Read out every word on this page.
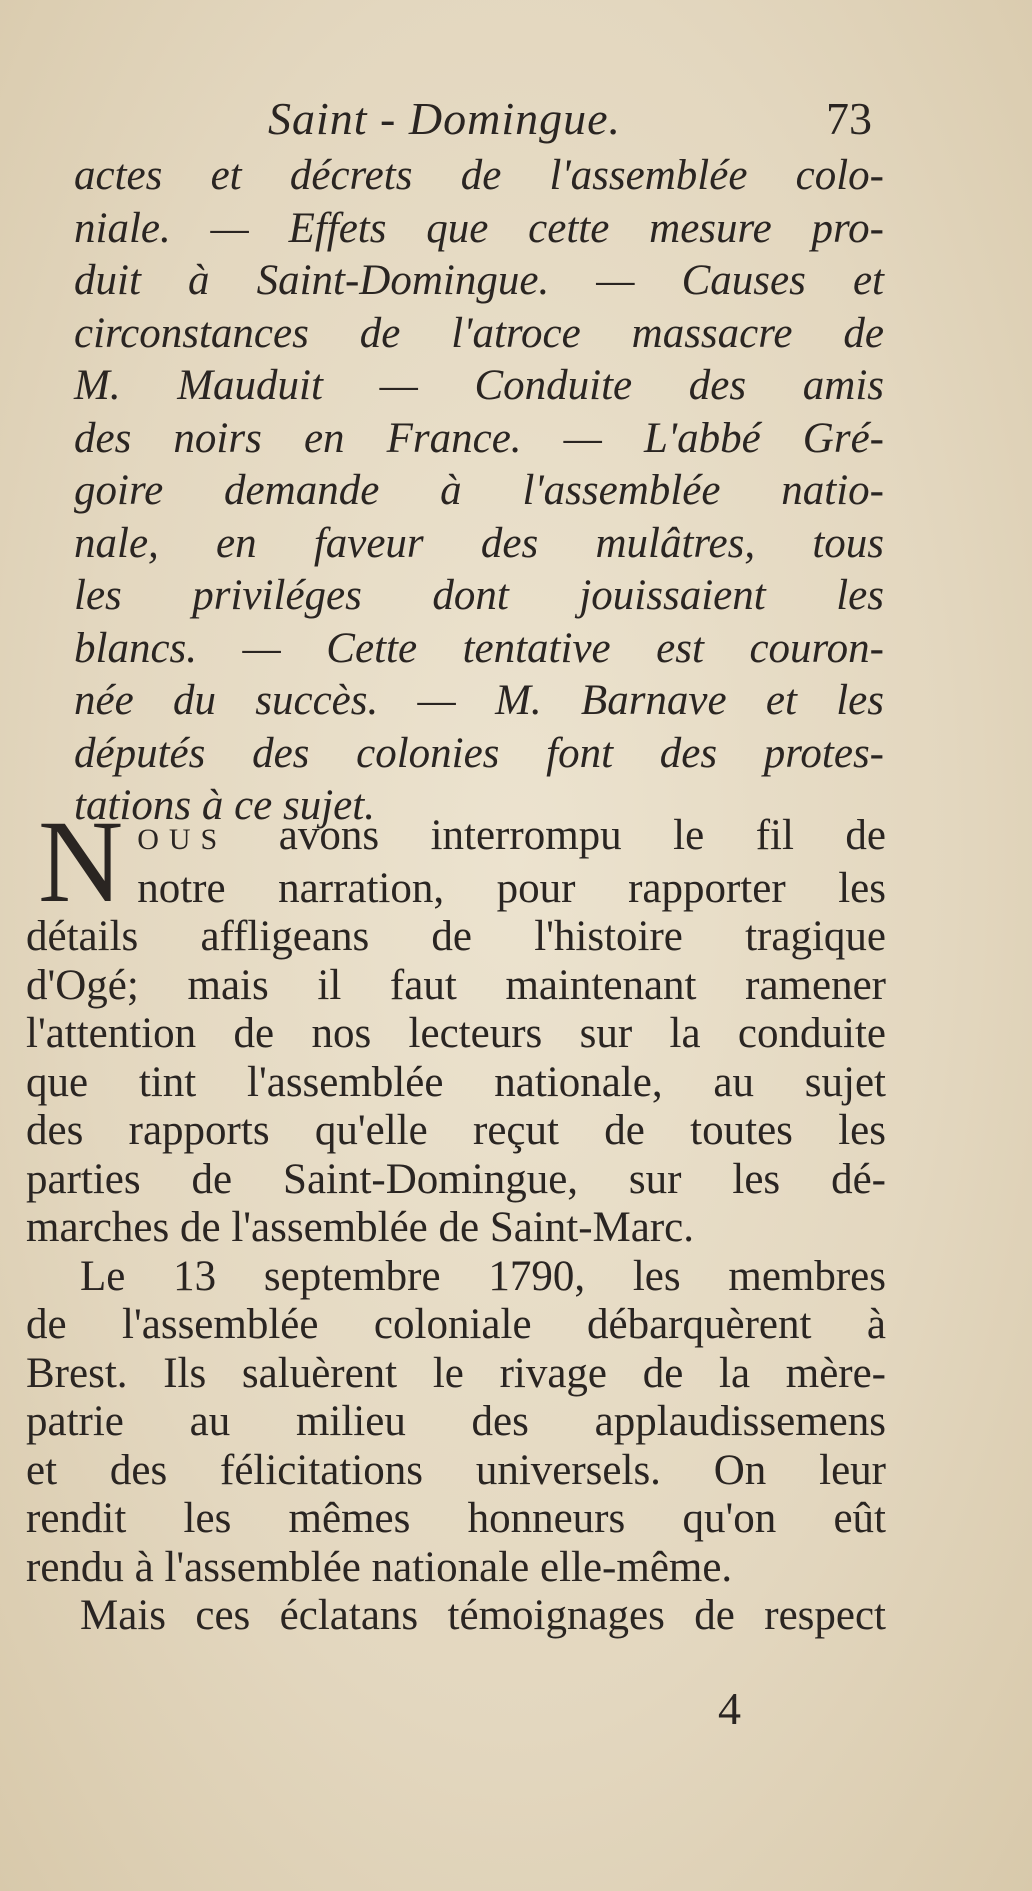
Saint - Domingue.	73
actes et décrets de l'assemblée colo-
niale. — Effets que cette mesure pro-
duit à Saint-Domingue. — Causes et
circonstances de l'atroce massacre de
M. Mauduit — Conduite des amis
des noirs en France. — L'abbé Gré-
goire demande à l'assemblée natio-
nale, en faveur des mulâtres, tous
les priviléges dont jouissaient les
blancs. — Cette tentative est couron-
née du succès. — M. Barnave et les
députés des colonies font des protes-
tations à ce sujet.
N OUS avons interrompu le fil de
notre narration, pour rapporter les
détails affligeans de l'histoire tragique
d'Ogé; mais il faut maintenant ramener
l'attention de nos lecteurs sur la conduite
que tint l'assemblée nationale, au sujet
des rapports qu'elle reçut de toutes les
parties de Saint-Domingue, sur les dé-
marches de l'assemblée de Saint-Marc.
Le 13 septembre 1790, les membres
de l'assemblée coloniale débarquèrent à
Brest. Ils saluèrent le rivage de la mère-
patrie au milieu des applaudissemens
et des félicitations universels. On leur
rendit les mêmes honneurs qu'on eût
rendu à l'assemblée nationale elle-même.
Mais ces éclatans témoignages de respect
4
